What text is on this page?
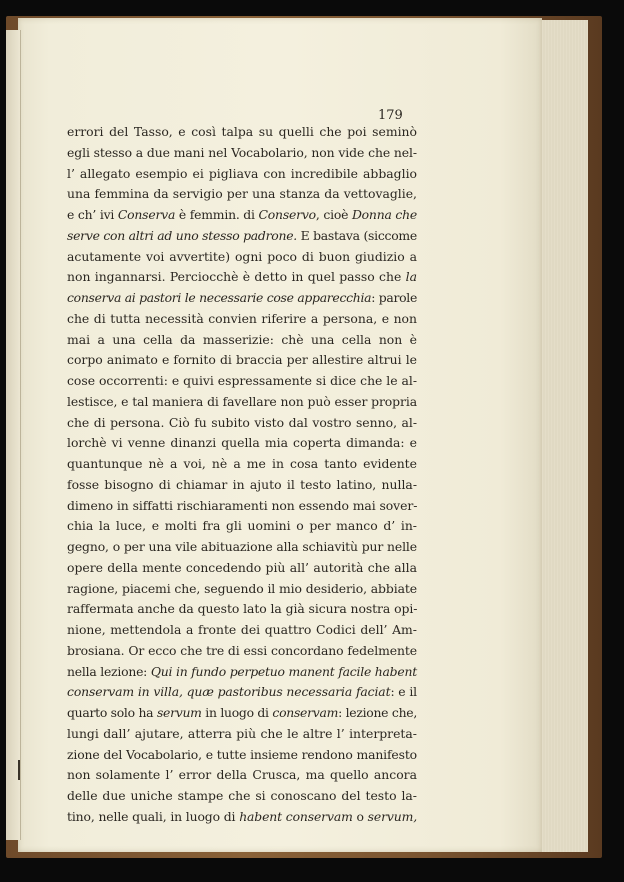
179
errori del Tasso, e così talpa su quelli che poi seminò
egli stesso a due mani nel Vocabolario, non vide che nel-
l’ allegato esempio ei pigliava con incredibile abbaglio
una femmina da servigio per una stanza da vettovaglie,
e ch’ ivi Conserva è femmin. di Conservo, cioè Donna che
serve con altri ad uno stesso padrone. E bastava (siccome
acutamente voi avvertite) ogni poco di buon giudizio a
non ingannarsi. Perciocchè è detto in quel passo che la
conserva ai pastori le necessarie cose apparecchia: parole
che di tutta necessità convien riferire a persona, e non
mai a una cella da masserizie: chè una cella non è
corpo animato e fornito di braccia per allestire altrui le
cose occorrenti: e quivi espressamente si dice che le al-
lestisce, e tal maniera di favellare non può esser propria
che di persona. Ciò fu subito visto dal vostro senno, al-
lorchè vi venne dinanzi quella mia coperta dimanda: e
quantunque nè a voi, nè a me in cosa tanto evidente
fosse bisogno di chiamar in ajuto il testo latino, nulla-
dimeno in siffatti rischiaramenti non essendo mai sover-
chia la luce, e molti fra gli uomini o per manco d’ in-
gegno, o per una vile abituazione alla schiavitù pur nelle
opere della mente concedendo più all’ autorità che alla
ragione, piacemi che, seguendo il mio desiderio, abbiate
raffermata anche da questo lato la già sicura nostra opi-
nione, mettendola a fronte dei quattro Codici dell’ Am-
brosiana. Or ecco che tre di essi concordano fedelmente
nella lezione: Qui in fundo perpetuo manent facile habent
conservam in villa, quæ pastoribus necessaria faciat: e il
quarto solo ha servum in luogo di conservam: lezione che,
lungi dall’ ajutare, atterra più che le altre l’ interpreta-
zione del Vocabolario, e tutte insieme rendono manifesto
non solamente l’ error della Crusca, ma quello ancora
delle due uniche stampe che si conoscano del testo la-
tino, nelle quali, in luogo di habent conservam o servum,
